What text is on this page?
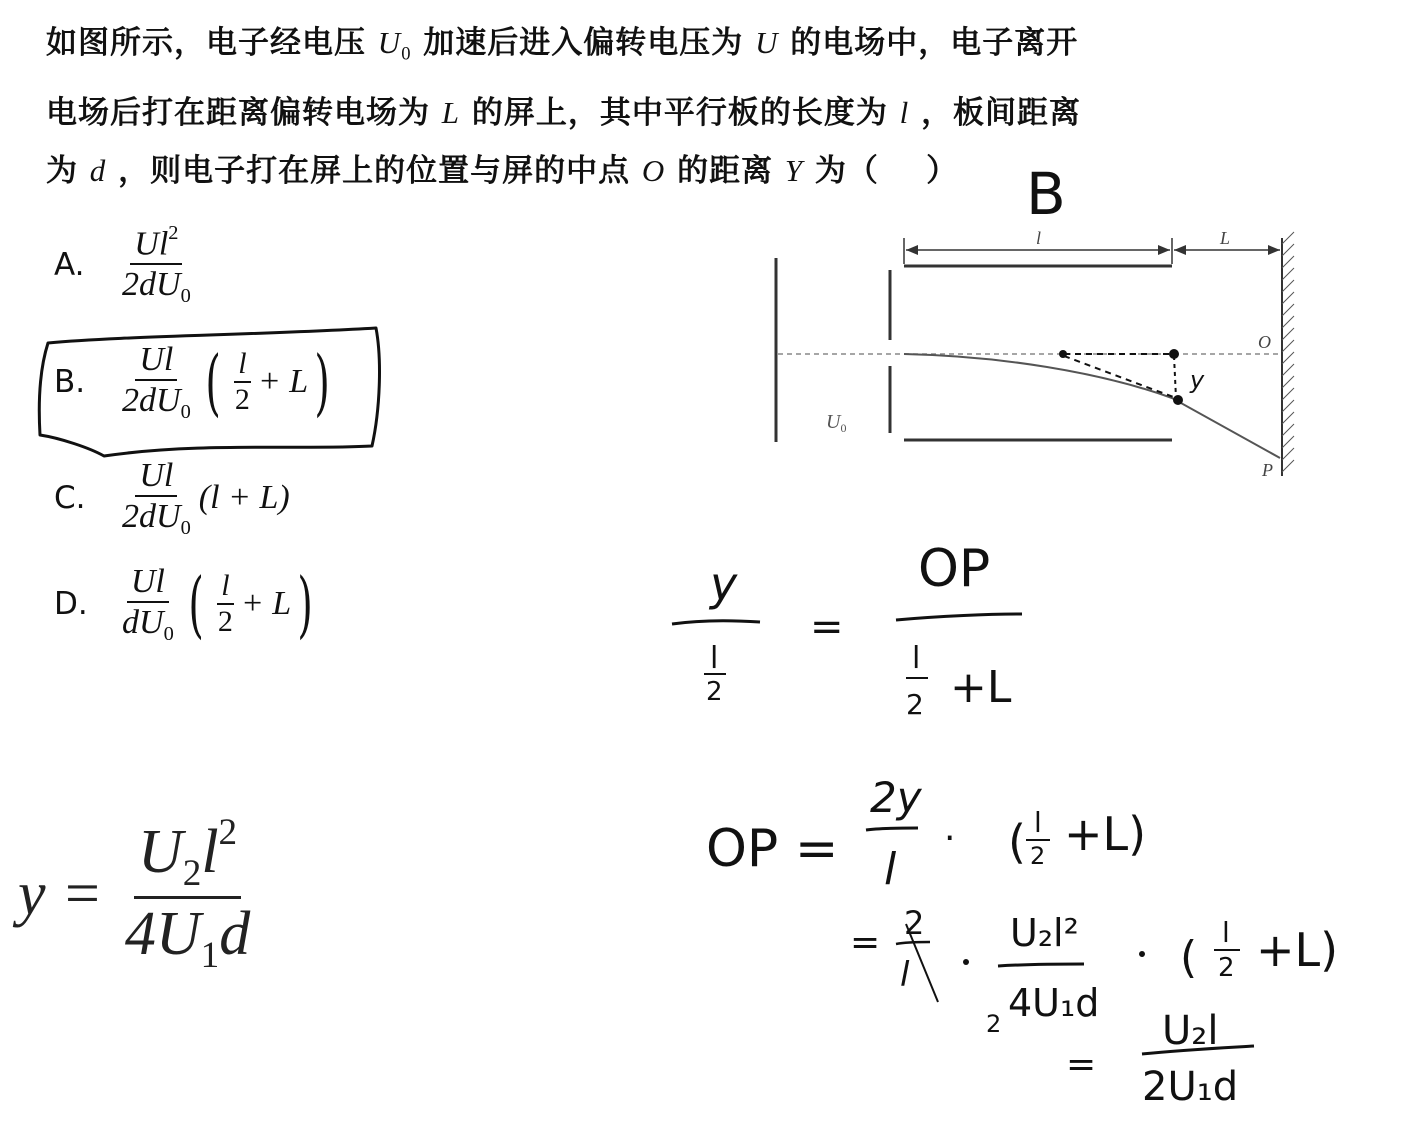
如图所示，电子经电压 $U_0$ 加速后进入偏转电压为 U 的电场中，电子离开
电场后打在距离偏转电场为 L 的屏上，其中平行板的长度为 l ，板间距离
为 d ，则电子打在屏上的位置与屏的中点 O 的距离 Y 为（ ）	B
A. $\frac{Ul^2}{2dU_0}$
B. $\frac{Ul}{2dU_0}$ ( $\frac{l}{2} + L$ )
C. $\frac{Ul}{2dU_0} (l + L)$
D. $\frac{Ul}{dU_0}$ ( $\frac{l}{2} + L$ )
$y = \frac{U_2l^2}{4U_1d}$
l	L
O
P
$U_0$
y
y
l
2
=
OP
l
2 +L
OP =
2y
l
· ( l
2 +L)
= 2
l
U₂l²
2 4U₁d
( l
2 +L)
=
U₂l
2U₁d
